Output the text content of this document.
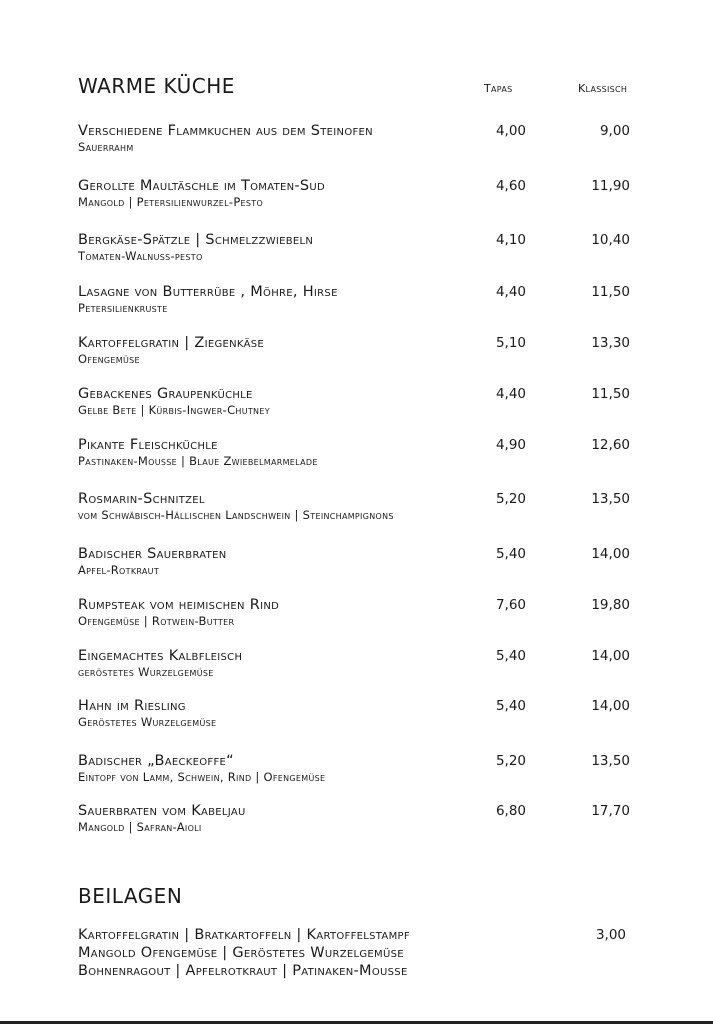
WARME KÜCHE	Tapas	Klassisch
Verschiedene Flammkuchen aus dem Steinofen
Sauerrahm
4,00	9,00
Gerollte Maultäschle im Tomaten-Sud
Mangold | Petersilienwurzel-Pesto
4,60	11,90
Bergkäse-Spätzle | Schmelzzwiebeln
Tomaten-Walnuss-pesto
4,10	10,40
Lasagne von Butterrübe , Möhre, Hirse
Petersilienkruste
4,40	11,50
Kartoffelgratin | Ziegenkäse
Ofengemüse
5,10	13,30
Gebackenes Graupenküchle
Gelbe Bete | Kürbis-Ingwer-Chutney
4,40	11,50
Pikante Fleischküchle
Pastinaken-Mousse | Blaue Zwiebelmarmelade
4,90	12,60
Rosmarin-Schnitzel
vom Schwäbisch-Hällischen Landschwein | Steinchampignons
5,20	13,50
Badischer Sauerbraten
Apfel-Rotkraut
5,40	14,00
Rumpsteak vom heimischen Rind
Ofengemüse | Rotwein-Butter
7,60	19,80
Eingemachtes Kalbfleisch
geröstetes Wurzelgemüse
5,40	14,00
Hahn im Riesling
Geröstetes Wurzelgemüse
5,40	14,00
Badischer „Baeckeoffe“
Eintopf von Lamm, Schwein, Rind | Ofengemüse
5,20	13,50
Sauerbraten vom Kabeljau
Mangold | Safran-Aioli
6,80	17,70
BEILAGEN
Kartoffelgratin | Bratkartoffeln | Kartoffelstampf
Mangold Ofengemüse | Geröstetes Wurzelgemüse
Bohnenragout | Apfelrotkraut | Patinaken-Mousse
3,00
